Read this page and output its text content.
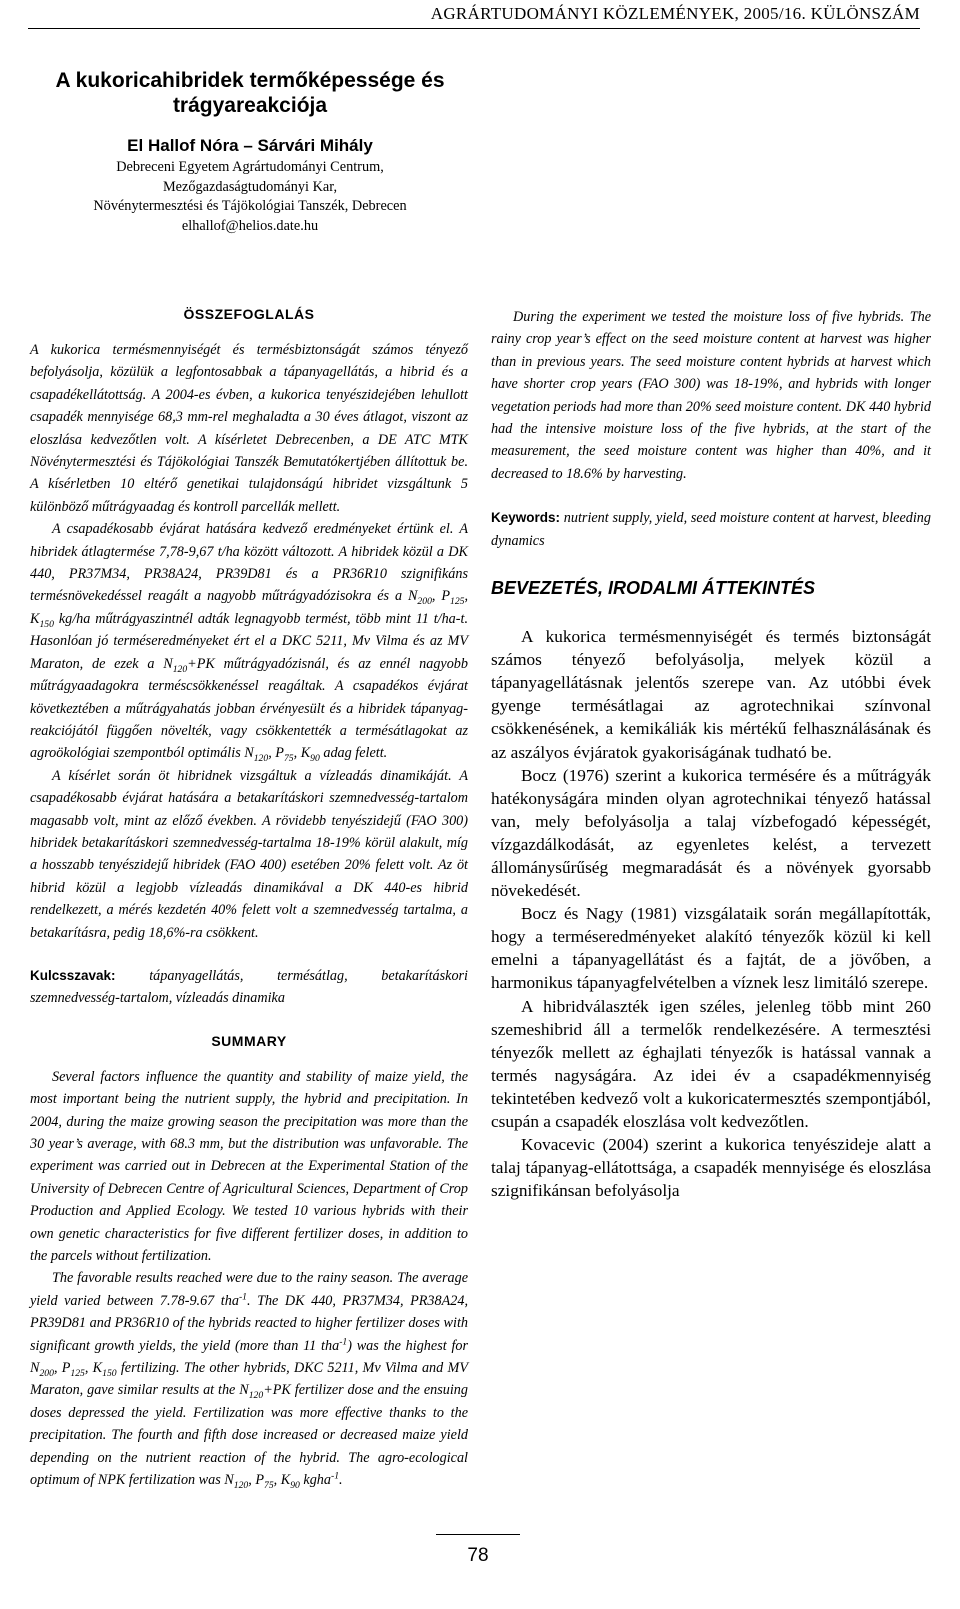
AGRÁRTUDOMÁNYI KÖZLEMÉNYEK, 2005/16. KÜLÖNSZÁM
A kukoricahibridek termőképessége és trágyareakciója
El Hallof Nóra – Sárvári Mihály
Debreceni Egyetem Agrártudományi Centrum,
Mezőgazdaságtudományi Kar,
Növénytermesztési és Tájökológiai Tanszék, Debrecen
elhallof@helios.date.hu
ÖSSZEFOGLALÁS

A kukorica termésmennyiségét és termésbiztonságát számos tényező befolyásolja, közülük a legfontosabbak a tápanyagellátás, a hibrid és a csapadékellátottság. A 2004-es évben, a kukorica tenyészidejében lehullott csapadék mennyisége 68,3 mm-rel meghaladta a 30 éves átlagot, viszont az eloszlása kedvezőtlen volt. A kísérletet Debrecenben, a DE ATC MTK Növénytermesztési és Tájökológiai Tanszék Bemutatókertjében állítottuk be. A kísérletben 10 eltérő genetikai tulajdonságú hibridet vizsgáltunk 5 különböző műtrágyaadag és kontroll parcellák mellett.

A csapadékosabb évjárat hatására kedvező eredményeket értünk el. A hibridek átlagtermése 7,78-9,67 t/ha között változott. A hibridek közül a DK 440, PR37M34, PR38A24, PR39D81 és a PR36R10 szignifikáns termésnövekedéssel reagált a nagyobb műtrágyadózisokra és a $N_{200}$, $P_{125}$, $K_{150}$ kg/ha műtrágyaszintnél adták legnagyobb termést, több mint 11 t/ha-t. Hasonlóan jó terméseredményeket ért el a DKC 5211, Mv Vilma és az MV Maraton, de ezek a $N_{120}+PK$ műtrágyadózisnál, és az ennél nagyobb műtrágyaadagokra terméscsökkenéssel reagáltak. A csapadékos évjárat következtében a műtrágyahatás jobban érvényesült és a hibridek tápanyag-reakciójától függően növelték, vagy csökkentették a termésátlagokat az agroökológiai szempontból optimális $N_{120}$, $P_{75}$, $K_{90}$ adag felett.

A kísérlet során öt hibridnek vizsgáltuk a vízleadás dinamikáját. A csapadékosabb évjárat hatására a betakarításkori szemnedvesség-tartalom magasabb volt, mint az előző években. A rövidebb tenyészidejű (FAO 300) hibridek betakarításkori szemnedvesség-tartalma 18-19% körül alakult, míg a hosszabb tenyészidejű hibridek (FAO 400) esetében 20% felett volt. Az öt hibrid közül a legjobb vízleadás dinamikával a DK 440-es hibrid rendelkezett, a mérés kezdetén 40% felett volt a szemnedvesség tartalma, a betakarításra, pedig 18,6%-ra csökkent.

Kulcsszavak: tápanyagellátás, termésátlag, betakarításkori szemnedvesség-tartalom, vízleadás dinamika

SUMMARY

Several factors influence the quantity and stability of maize yield, the most important being the nutrient supply, the hybrid and precipitation. In 2004, during the maize growing season the precipitation was more than the 30 year’s average, with 68.3 mm, but the distribution was unfavorable. The experiment was carried out in Debrecen at the Experimental Station of the University of Debrecen Centre of Agricultural Sciences, Department of Crop Production and Applied Ecology. We tested 10 various hybrids with their own genetic characteristics for five different fertilizer doses, in addition to the parcels without fertilization.

The favorable results reached were due to the rainy season. The average yield varied between 7.78-9.67 tha$^{-1}$. The DK 440, PR37M34, PR38A24, PR39D81 and PR36R10 of the hybrids reacted to higher fertilizer doses with significant growth yields, the yield (more than 11 tha$^{-1}$) was the highest for $N_{200}$, $P_{125}$, $K_{150}$ fertilizing. The other hybrids, DKC 5211, Mv Vilma and MV Maraton, gave similar results at the $N_{120}+PK$ fertilizer dose and the ensuing doses depressed the yield. Fertilization was more effective thanks to the precipitation. The fourth and fifth dose increased or decreased maize yield depending on the nutrient reaction of the hybrid. The agro-ecological optimum of NPK fertilization was $N_{120}$, $P_{75}$, $K_{90}$ kgha$^{-1}$.

During the experiment we tested the moisture loss of five hybrids. The rainy crop year’s effect on the seed moisture content at harvest was higher than in previous years. The seed moisture content hybrids at harvest which have shorter crop years (FAO 300) was 18-19%, and hybrids with longer vegetation periods had more than 20% seed moisture content. DK 440 hybrid had the intensive moisture loss of the five hybrids, at the start of the measurement, the seed moisture content was higher than 40%, and it decreased to 18.6% by harvesting.

Keywords: nutrient supply, yield, seed moisture content at harvest, bleeding dynamics

BEVEZETÉS, IRODALMI ÁTTEKINTÉS

A kukorica termésmennyiségét és termés biztonságát számos tényező befolyásolja, melyek közül a tápanyagellátásnak jelentős szerepe van. Az utóbbi évek gyenge termésátlagai az agrotechnikai színvonal csökkenésének, a kemikáliák kis mértékű felhasználásának és az aszályos évjáratok gyakoriságának tudható be.

Bocz (1976) szerint a kukorica termésére és a műtrágyák hatékonyságára minden olyan agrotechnikai tényező hatással van, mely befolyásolja a talaj vízbefogadó képességét, vízgazdálkodását, az egyenletes kelést, a tervezett állománysűrűség megmaradását és a növények gyorsabb növekedését.

Bocz és Nagy (1981) vizsgálataik során megállapították, hogy a terméseredményeket alakító tényezők közül ki kell emelni a tápanyagellátást és a fajtát, de a jövőben, a harmonikus tápanyagfelvételben a víznek lesz limitáló szerepe.

A hibridválaszték igen széles, jelenleg több mint 260 szemeshibrid áll a termelők rendelkezésére. A termesztési tényezők mellett az éghajlati tényezők is hatással vannak a termés nagyságára. Az idei év a csapadékmennyiség tekintetében kedvező volt a kukoricatermesztés szempontjából, csupán a csapadék eloszlása volt kedvezőtlen.

Kovacevic (2004) szerint a kukorica tenyészideje alatt a talaj tápanyag-ellátottsága, a csapadék mennyisége és eloszlása szignifikánsan befolyásolja

78
